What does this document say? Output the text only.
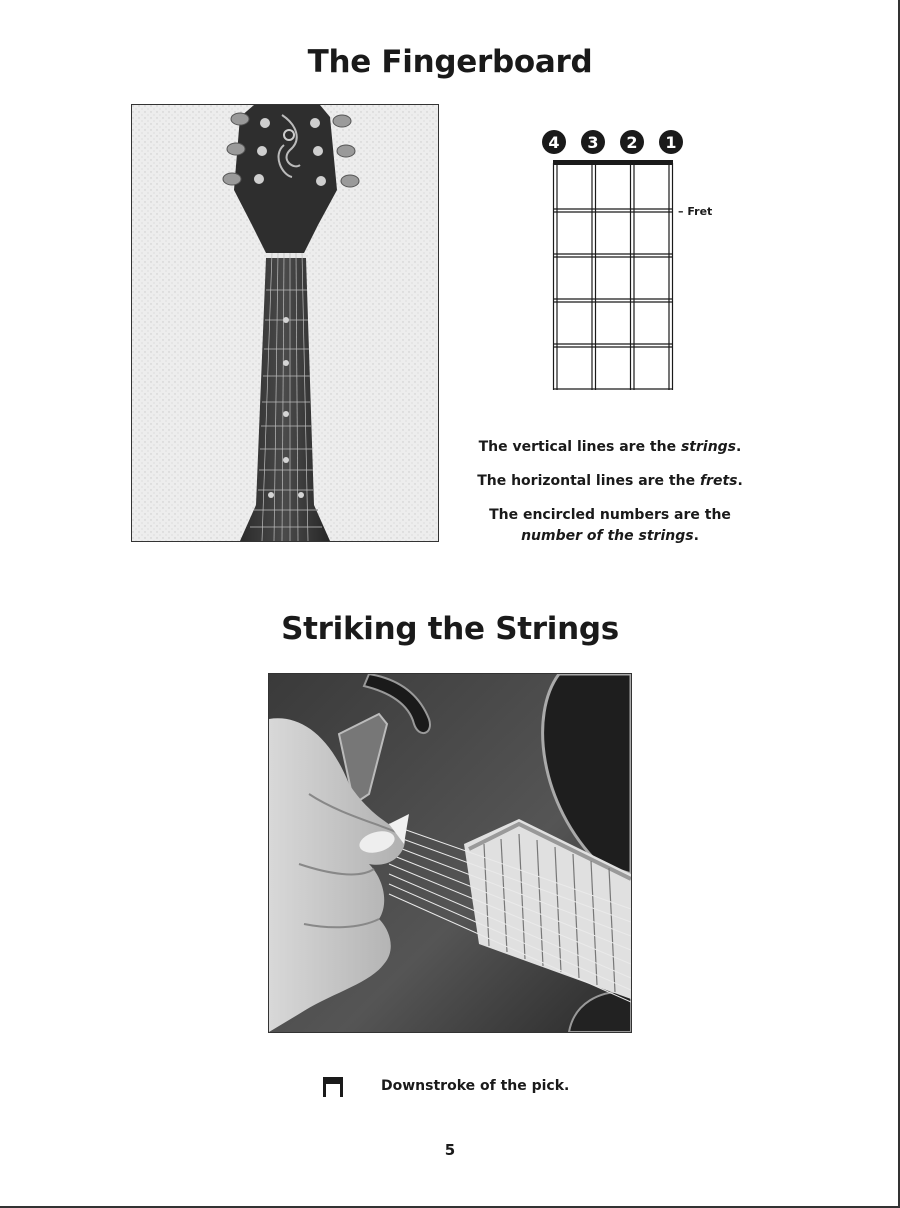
The Fingerboard
4 3 2 1
– Fret
The vertical lines are the strings.
The horizontal lines are the frets.
The encircled numbers are the
number of the strings.
Striking the Strings
Downstroke of the pick.
5
